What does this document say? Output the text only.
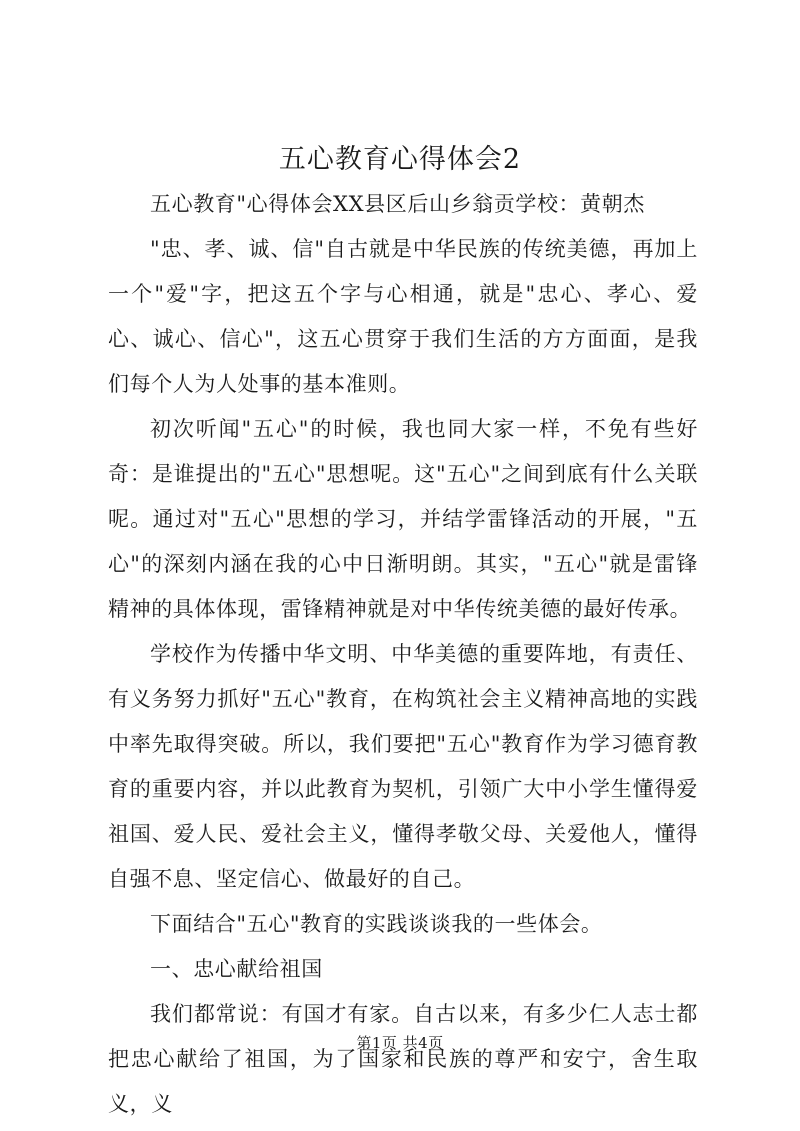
五心教育心得体会2

五心教育"心得体会XX县区后山乡翁贡学校：黄朝杰

"忠、孝、诚、信"自古就是中华民族的传统美德，再加上一个"爱"字，把这五个字与心相通，就是"忠心、孝心、爱心、诚心、信心"，这五心贯穿于我们生活的方方面面，是我们每个人为人处事的基本准则。

初次听闻"五心"的时候，我也同大家一样，不免有些好奇：是谁提出的"五心"思想呢。这"五心"之间到底有什么关联呢。通过对"五心"思想的学习，并结学雷锋活动的开展，"五心"的深刻内涵在我的心中日渐明朗。其实，"五心"就是雷锋精神的具体体现，雷锋精神就是对中华传统美德的最好传承。

学校作为传播中华文明、中华美德的重要阵地，有责任、有义务努力抓好"五心"教育，在构筑社会主义精神高地的实践中率先取得突破。所以，我们要把"五心"教育作为学习德育教育的重要内容，并以此教育为契机，引领广大中小学生懂得爱祖国、爱人民、爱社会主义，懂得孝敬父母、关爱他人，懂得自强不息、坚定信心、做最好的自己。

下面结合"五心"教育的实践谈谈我的一些体会。

一、忠心献给祖国

我们都常说：有国才有家。自古以来，有多少仁人志士都把忠心献给了祖国，为了国家和民族的尊严和安宁，舍生取义，义

第1页 共4页
